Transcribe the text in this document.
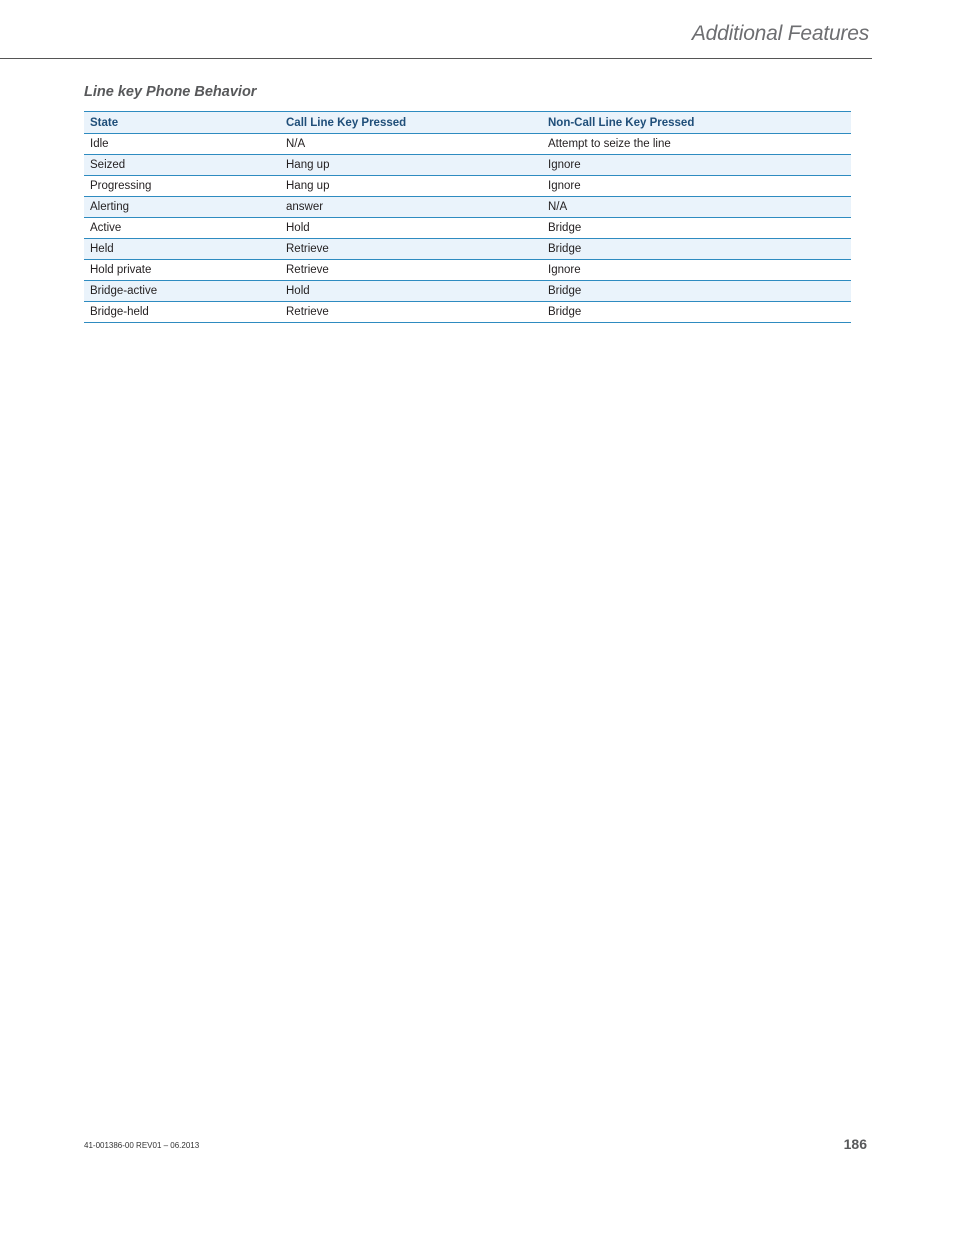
Additional Features
Line key Phone Behavior
State	Call Line Key Pressed	Non-Call Line Key Pressed
Idle	N/A	Attempt to seize the line
Seized	Hang up	Ignore
Progressing	Hang up	Ignore
Alerting	answer	N/A
Active	Hold	Bridge
Held	Retrieve	Bridge
Hold private	Retrieve	Ignore
Bridge-active	Hold	Bridge
Bridge-held	Retrieve	Bridge
41-001386-00 REV01 – 06.2013	186
